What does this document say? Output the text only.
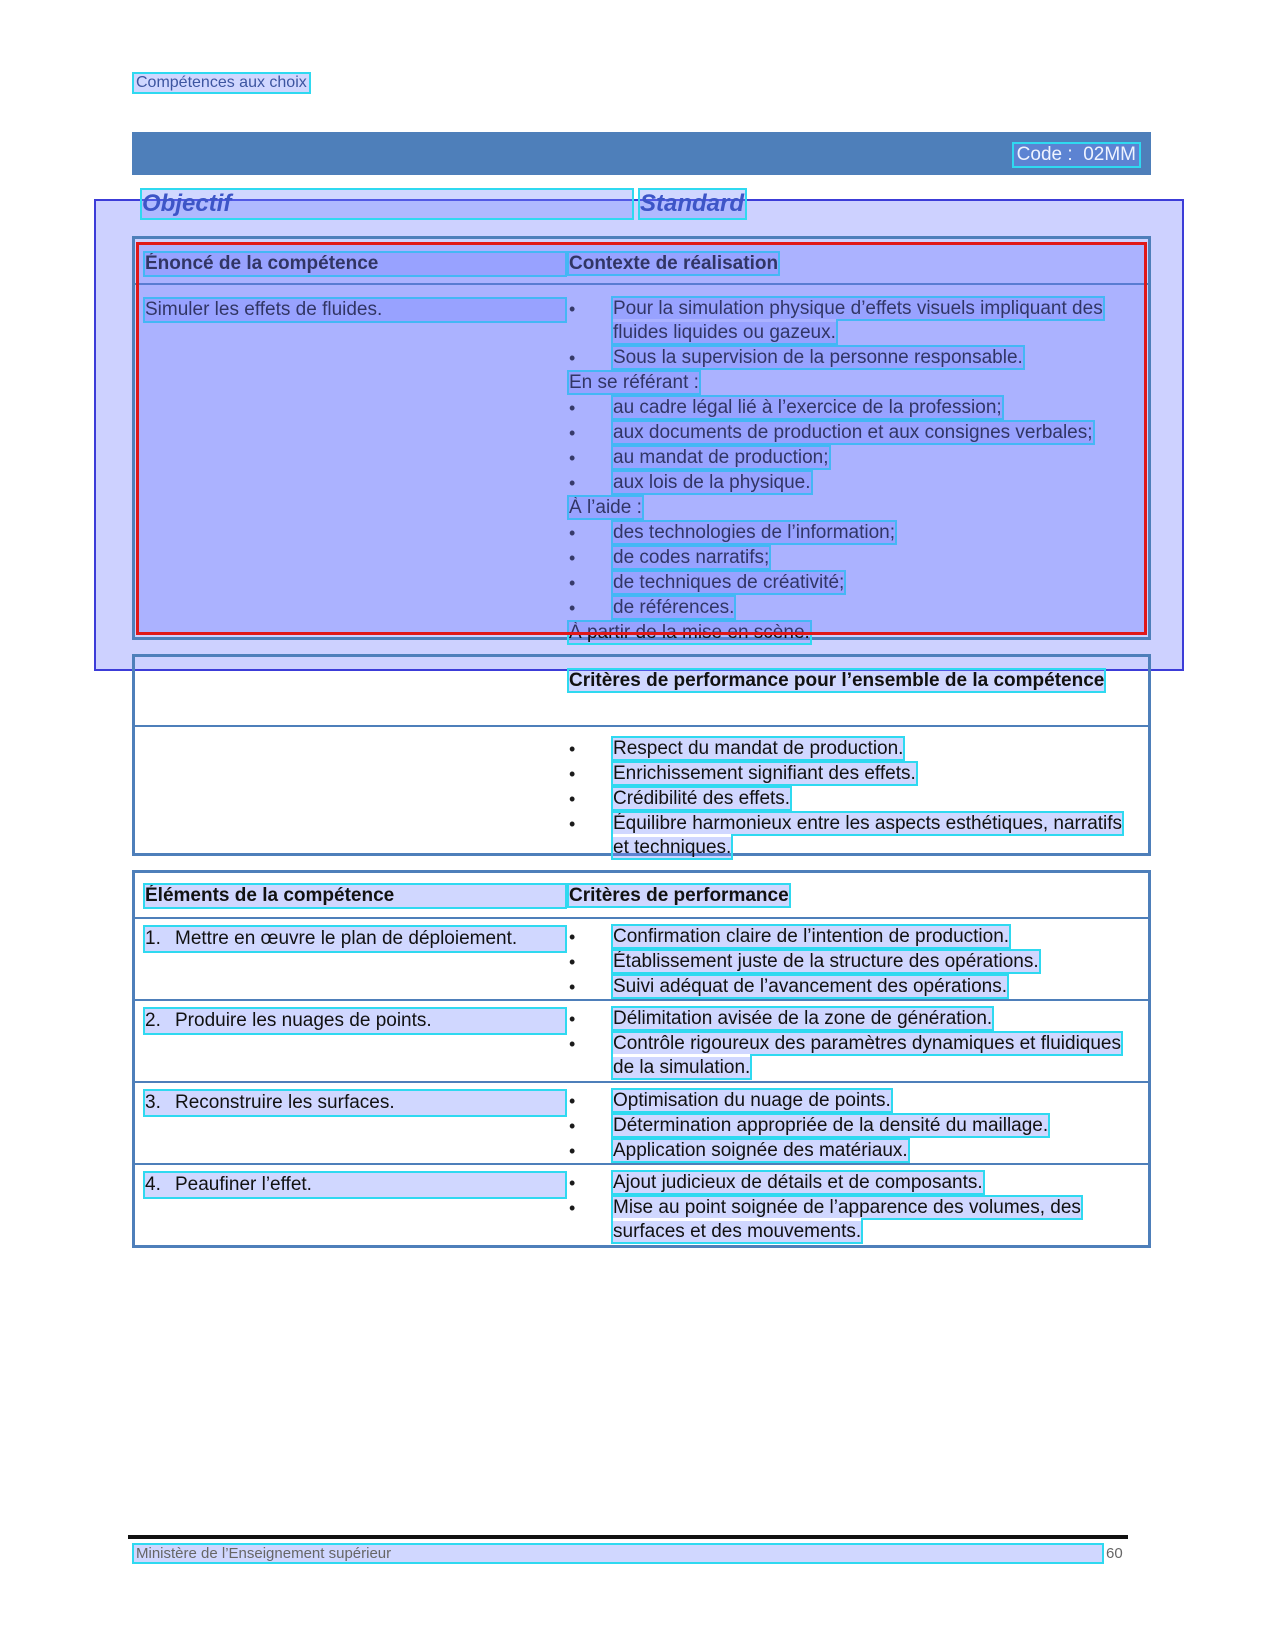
Compétences aux choix
Code : 02MM
Objectif	Standard
Énoncé de la compétence	Contexte de réalisation
Simuler les effets de fluides.	• Pour la simulation physique d’effets visuels impliquant des fluides liquides ou gazeux.
• Sous la supervision de la personne responsable.
En se référant :
• au cadre légal lié à l’exercice de la profession;
• aux documents de production et aux consignes verbales;
• au mandat de production;
• aux lois de la physique.
À l’aide :
• des technologies de l’information;
• de codes narratifs;
• de techniques de créativité;
• de références.
À partir de la mise en scène.
Critères de performance pour l’ensemble de la compétence
• Respect du mandat de production.
• Enrichissement signifiant des effets.
• Crédibilité des effets.
• Équilibre harmonieux entre les aspects esthétiques, narratifs et techniques.
Éléments de la compétence	Critères de performance
1. Mettre en œuvre le plan de déploiement.	• Confirmation claire de l’intention de production.
• Établissement juste de la structure des opérations.
• Suivi adéquat de l’avancement des opérations.
2. Produire les nuages de points.	• Délimitation avisée de la zone de génération.
• Contrôle rigoureux des paramètres dynamiques et fluidiques de la simulation.
3. Reconstruire les surfaces.	• Optimisation du nuage de points.
• Détermination appropriée de la densité du maillage.
• Application soignée des matériaux.
4. Peaufiner l’effet.	• Ajout judicieux de détails et de composants.
• Mise au point soignée de l’apparence des volumes, des surfaces et des mouvements.
Ministère de l’Enseignement supérieur	60
